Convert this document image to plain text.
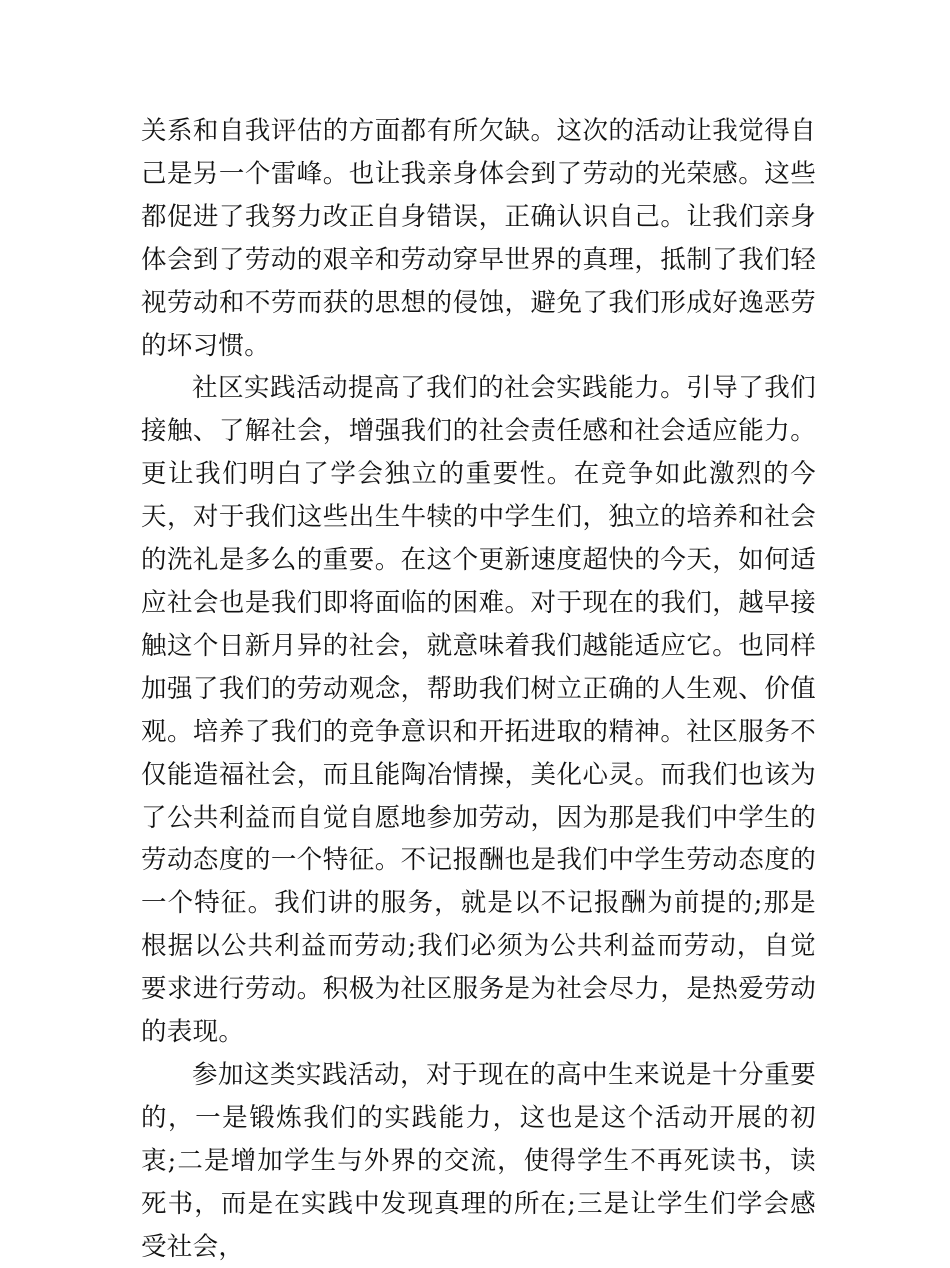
关系和自我评估的方面都有所欠缺。这次的活动让我觉得自己是另一个雷峰。也让我亲身体会到了劳动的光荣感。这些都促进了我努力改正自身错误，正确认识自己。让我们亲身体会到了劳动的艰辛和劳动穿早世界的真理，抵制了我们轻视劳动和不劳而获的思想的侵蚀，避免了我们形成好逸恶劳的坏习惯。

社区实践活动提高了我们的社会实践能力。引导了我们接触、了解社会，增强我们的社会责任感和社会适应能力。更让我们明白了学会独立的重要性。在竞争如此激烈的今天，对于我们这些出生牛犊的中学生们，独立的培养和社会的洗礼是多么的重要。在这个更新速度超快的今天，如何适应社会也是我们即将面临的困难。对于现在的我们，越早接触这个日新月异的社会，就意味着我们越能适应它。也同样加强了我们的劳动观念，帮助我们树立正确的人生观、价值观。培养了我们的竞争意识和开拓进取的精神。社区服务不仅能造福社会，而且能陶冶情操，美化心灵。而我们也该为了公共利益而自觉自愿地参加劳动，因为那是我们中学生的劳动态度的一个特征。不记报酬也是我们中学生劳动态度的一个特征。我们讲的服务，就是以不记报酬为前提的;那是根据以公共利益而劳动;我们必须为公共利益而劳动，自觉要求进行劳动。积极为社区服务是为社会尽力，是热爱劳动的表现。

参加这类实践活动，对于现在的高中生来说是十分重要的，一是锻炼我们的实践能力，这也是这个活动开展的初衷;二是增加学生与外界的交流，使得学生不再死读书，读死书，而是在实践中发现真理的所在;三是让学生们学会感受社会，
